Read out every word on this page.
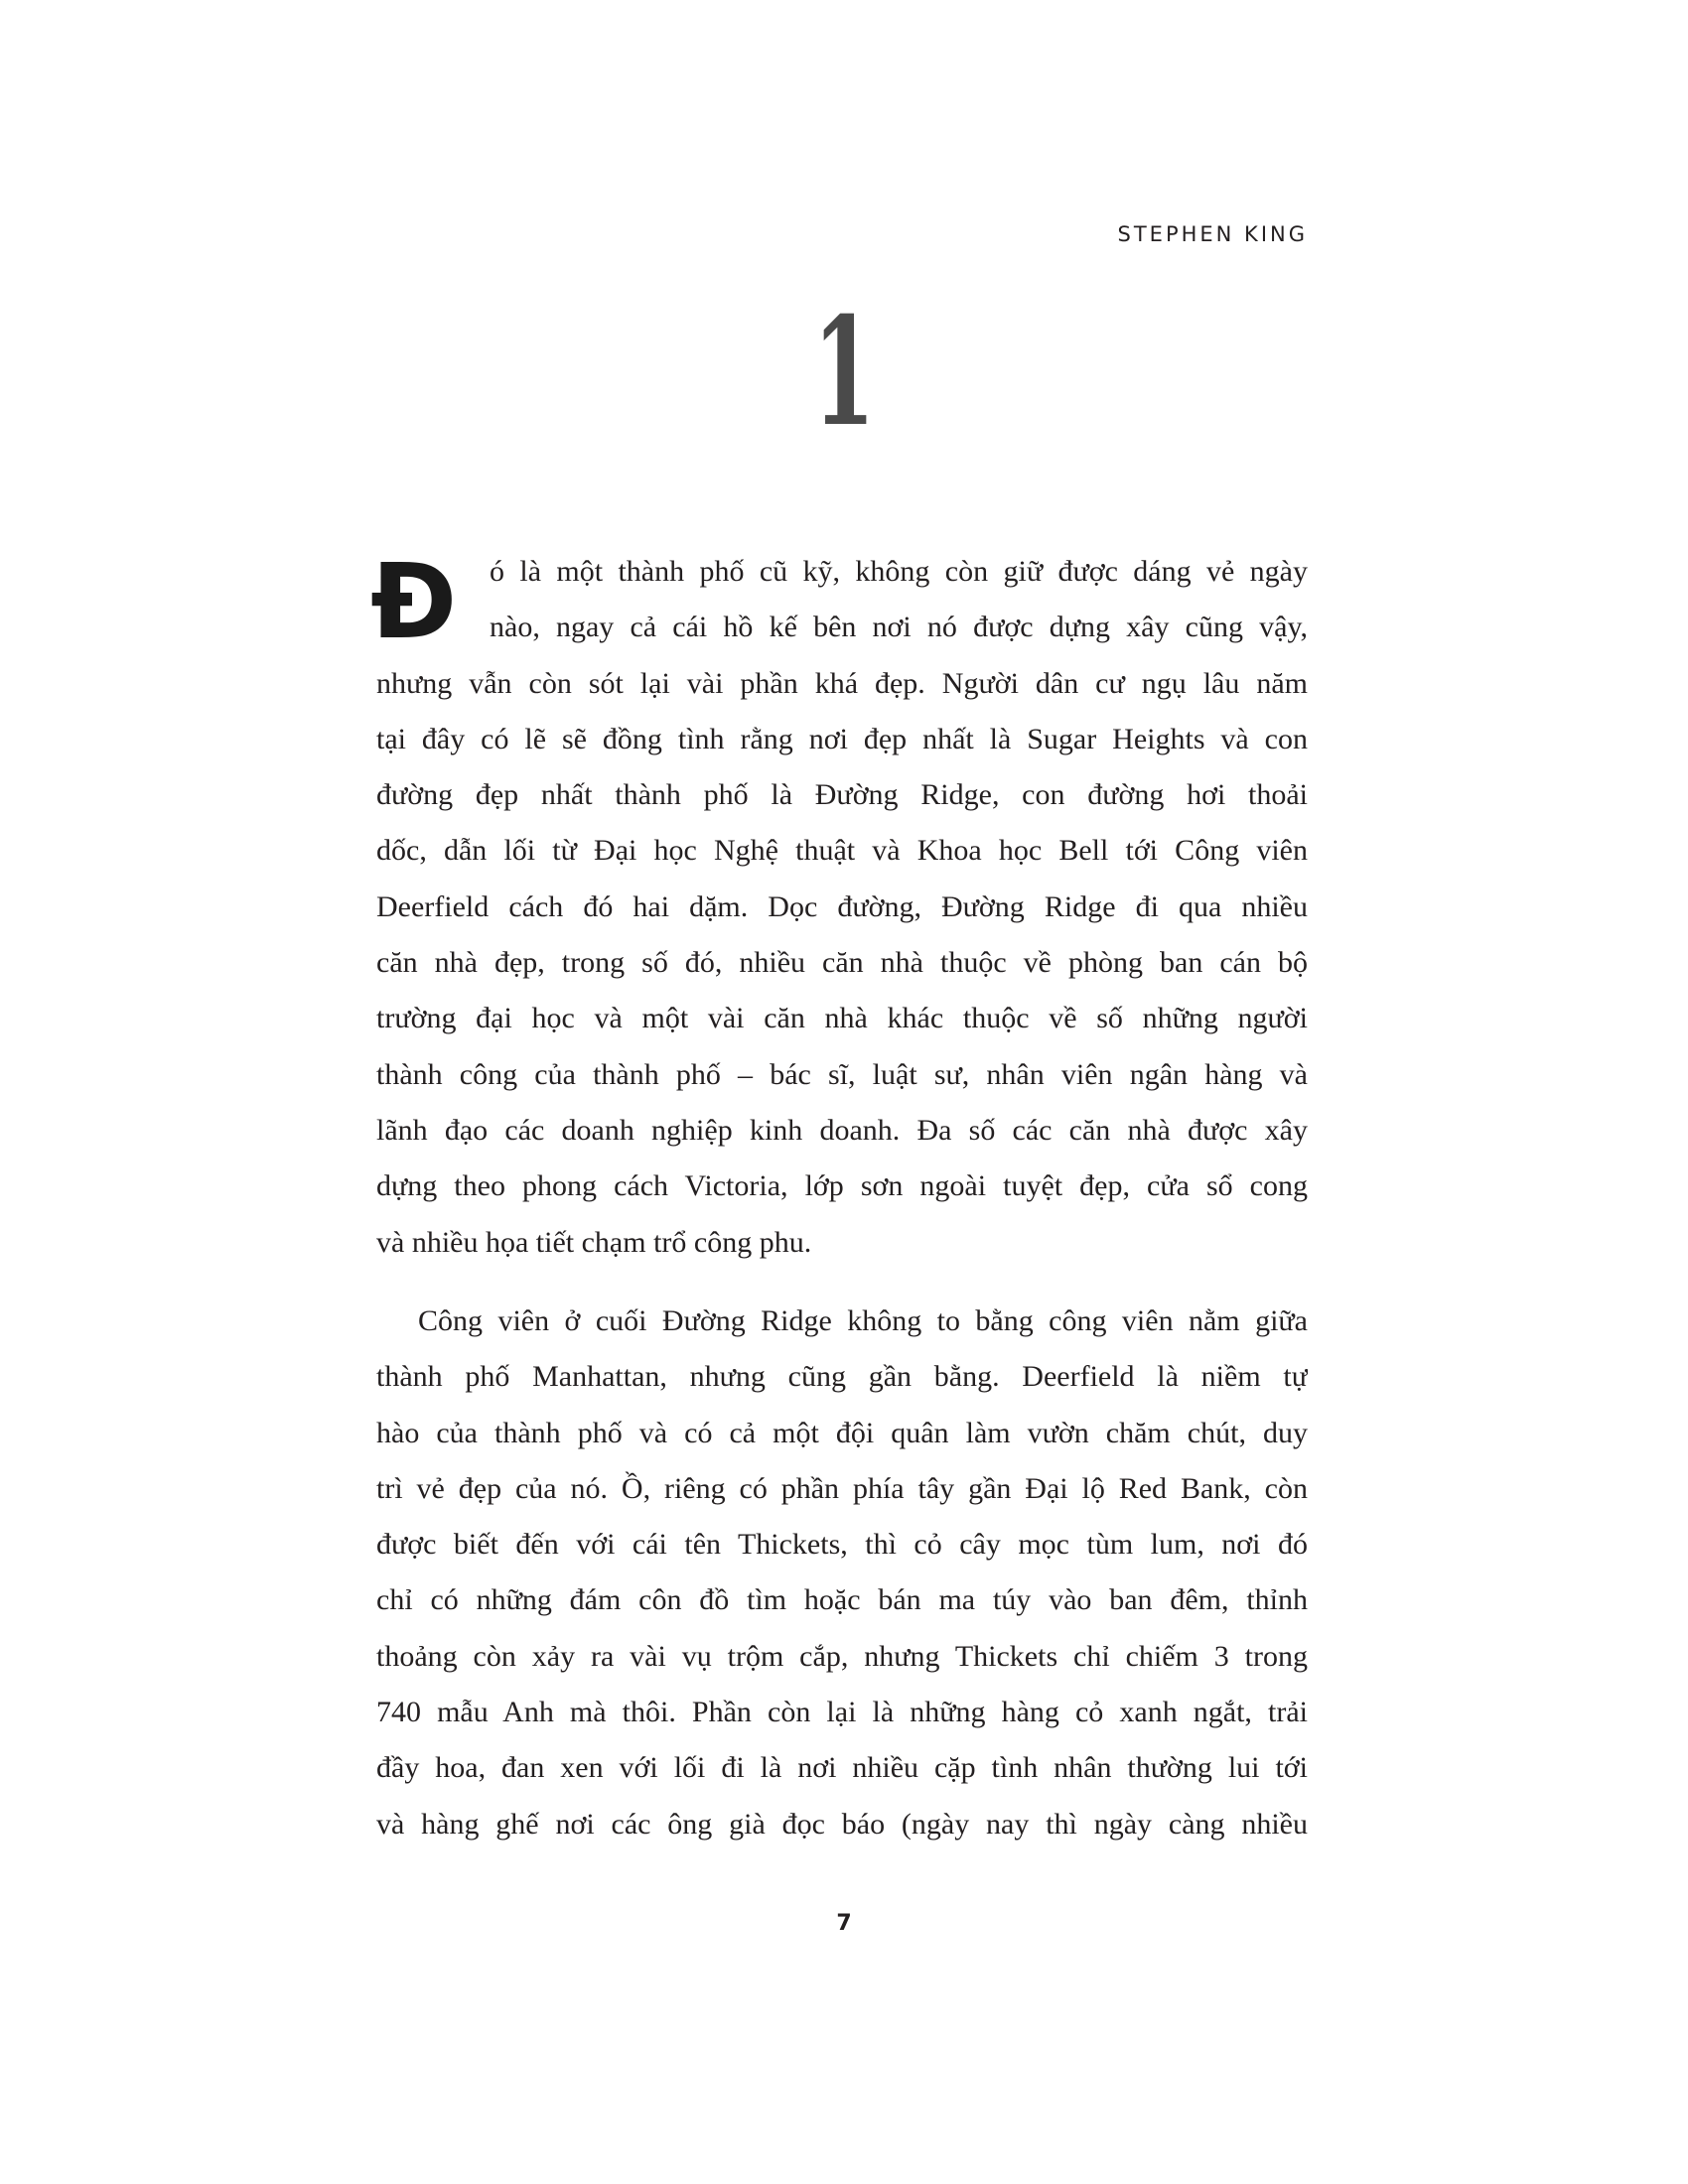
STEPHEN KING
1
Đ	ó là một thành phố cũ kỹ, không còn giữ được dáng vẻ ngày
nào, ngay cả cái hồ kế bên nơi nó được dựng xây cũng vậy,
nhưng vẫn còn sót lại vài phần khá đẹp. Người dân cư ngụ lâu năm
tại đây có lẽ sẽ đồng tình rằng nơi đẹp nhất là Sugar Heights và con
đường đẹp nhất thành phố là Đường Ridge, con đường hơi thoải
dốc, dẫn lối từ Đại học Nghệ thuật và Khoa học Bell tới Công viên
Deerfield cách đó hai dặm. Dọc đường, Đường Ridge đi qua nhiều
căn nhà đẹp, trong số đó, nhiều căn nhà thuộc về phòng ban cán bộ
trường đại học và một vài căn nhà khác thuộc về số những người
thành công của thành phố – bác sĩ, luật sư, nhân viên ngân hàng và
lãnh đạo các doanh nghiệp kinh doanh. Đa số các căn nhà được xây
dựng theo phong cách Victoria, lớp sơn ngoài tuyệt đẹp, cửa sổ cong
và nhiều họa tiết chạm trổ công phu.
Công viên ở cuối Đường Ridge không to bằng công viên nằm giữa
thành phố Manhattan, nhưng cũng gần bằng. Deerfield là niềm tự
hào của thành phố và có cả một đội quân làm vườn chăm chút, duy
trì vẻ đẹp của nó. Ồ, riêng có phần phía tây gần Đại lộ Red Bank, còn
được biết đến với cái tên Thickets, thì cỏ cây mọc tùm lum, nơi đó
chỉ có những đám côn đồ tìm hoặc bán ma túy vào ban đêm, thỉnh
thoảng còn xảy ra vài vụ trộm cắp, nhưng Thickets chỉ chiếm 3 trong
740 mẫu Anh mà thôi. Phần còn lại là những hàng cỏ xanh ngắt, trải
đầy hoa, đan xen với lối đi là nơi nhiều cặp tình nhân thường lui tới
và hàng ghế nơi các ông già đọc báo (ngày nay thì ngày càng nhiều
7
